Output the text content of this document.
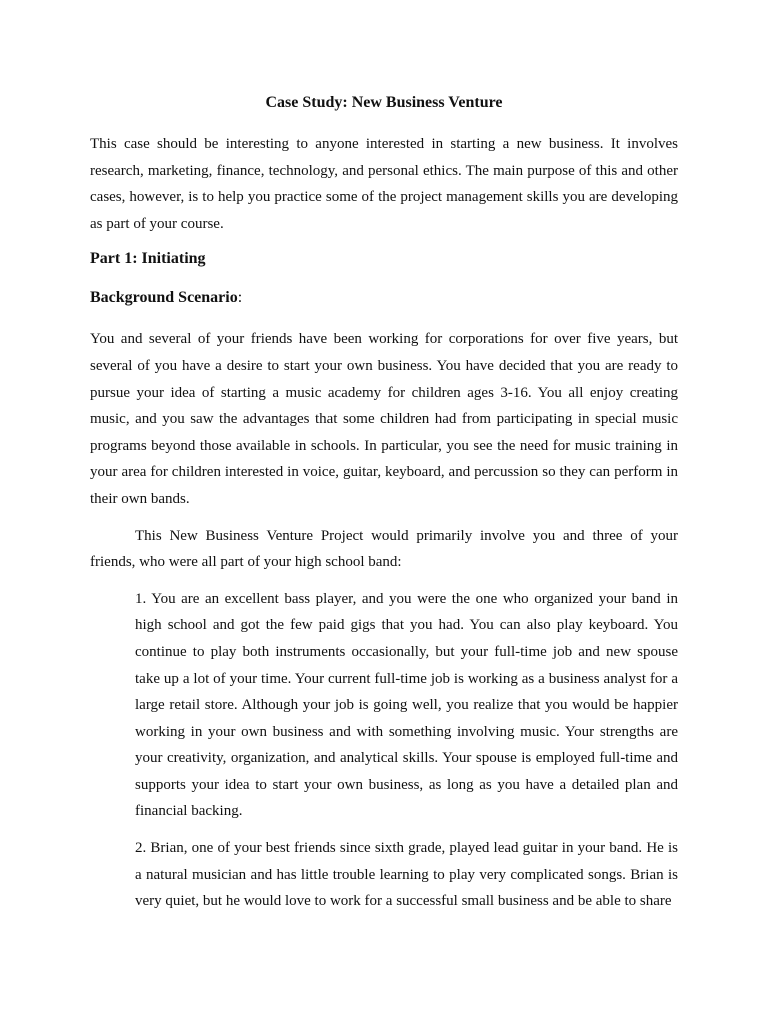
Case Study: New Business Venture

This case should be interesting to anyone interested in starting a new business. It involves research, marketing, finance, technology, and personal ethics. The main purpose of this and other cases, however, is to help you practice some of the project management skills you are developing as part of your course.

Part 1: Initiating
Background Scenario:

You and several of your friends have been working for corporations for over five years, but several of you have a desire to start your own business. You have decided that you are ready to pursue your idea of starting a music academy for children ages 3-16. You all enjoy creating music, and you saw the advantages that some children had from participating in special music programs beyond those available in schools. In particular, you see the need for music training in your area for children interested in voice, guitar, keyboard, and percussion so they can perform in their own bands.

This New Business Venture Project would primarily involve you and three of your friends, who were all part of your high school band:

1. You are an excellent bass player, and you were the one who organized your band in high school and got the few paid gigs that you had. You can also play keyboard. You continue to play both instruments occasionally, but your full-time job and new spouse take up a lot of your time. Your current full-time job is working as a business analyst for a large retail store. Although your job is going well, you realize that you would be happier working in your own business and with something involving music. Your strengths are your creativity, organization, and analytical skills. Your spouse is employed full-time and supports your idea to start your own business, as long as you have a detailed plan and financial backing.

2. Brian, one of your best friends since sixth grade, played lead guitar in your band. He is a natural musician and has little trouble learning to play very complicated songs. Brian is very quiet, but he would love to work for a successful small business and be able to share
